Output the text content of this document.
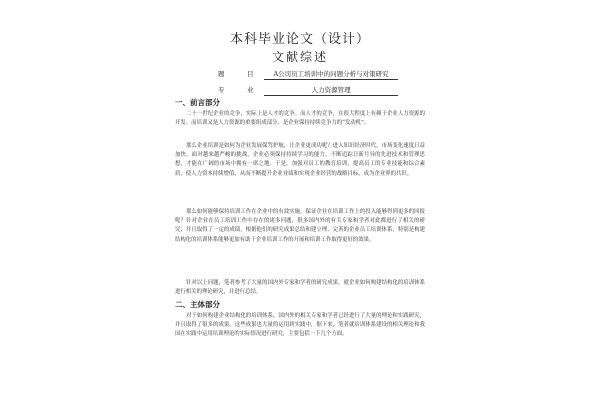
本科毕业论文（设计）
文献综述
题　目 A公司员工培训中的问题分析与对策研究
专　业	人力资源管理
一、前言部分
二十一世纪企业的竞争，实际上是人才的竞争。而人才的竞争，在很大程度上有赖于企业人力资源的开发。而培训又是人力资源的重要组成部分，是企业保持持续竞争力的“发动机”。
那么企业培训是如何为企业发展保驾护航，让企业更成功呢？进入知识经济时代，市场变化速度日益加快，面对越来越严峻的挑战，企业必须保持持续学习的能力，不断追踪日新月异的先进技术和管理思想，才能在广阔的市场中拥有一席之地。于是，加强对员工的教育培训，提高员工的专业技能和综合素质，使人力资本持续增值，从而不断提升企业业绩和实现企业经营的战略目标，成为企业界的共识。
那么如何能够保持培训工作在企业中的有效实施，保证企业在培训工作上的投入能够得到更多的回报呢？针对企业在员工培训工作中存在的诸多问题，很多国内外的有关专家和学者对此都进行了相关的研究，并且取得了一定的成绩，根据他们的研究成果总结和建立理、完善的企业员工培训体系，特别是构建结构化的培训体系能够更加有助于企业培训工作的开展和培训工作取得更好的效果。
针对以上问题，笔者参考了大量的国内外专家和学者的研究成果，就企业如何构建结构化的培训体系进行相关的理论研究，并进行总结。
二、主体部分
对于如何构建企业结构化的培训体系，国内外的相关专家和学者已经进行了大量的理论和实践研究，并且取得了很多的成果。这些成果也大量的运用到实践中，据下来，笔者就培训体系建设的相关理论和我国在实践中运用培训理论的实际情况进行研究，主要包括一下几个方面。
